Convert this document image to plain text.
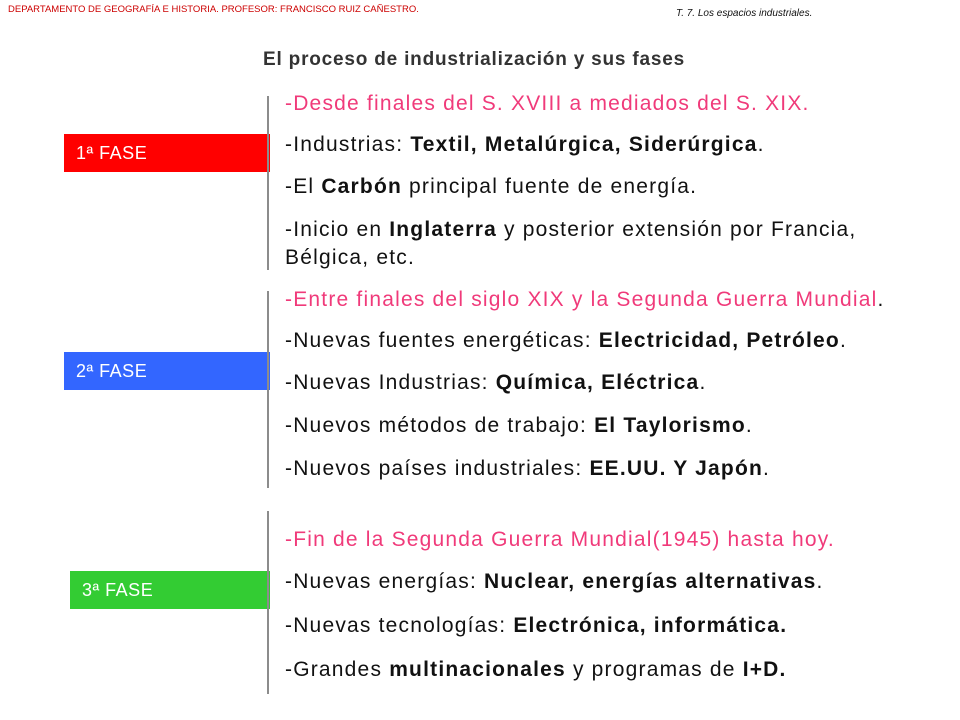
DEPARTAMENTO DE GEOGRAFÍA E HISTORIA. PROFESOR: FRANCISCO RUIZ CAÑESTRO.	T. 7. Los espacios industriales.
El proceso de industrialización y sus fases
1ª FASE
2ª FASE
3ª FASE
-Desde finales del S. XVIII a mediados del S. XIX.
-Industrias: Textil, Metalúrgica, Siderúrgica.
-El Carbón principal fuente de energía.
-Inicio en Inglaterra y posterior extensión por Francia,
Bélgica, etc.
-Entre finales del siglo XIX y la Segunda Guerra Mundial.
-Nuevas fuentes energéticas: Electricidad, Petróleo.
-Nuevas Industrias: Química, Eléctrica.
-Nuevos métodos de trabajo: El Taylorismo.
-Nuevos países industriales: EE.UU. Y Japón.
-Fin de la Segunda Guerra Mundial(1945) hasta hoy.
-Nuevas energías: Nuclear, energías alternativas.
-Nuevas tecnologías: Electrónica, informática.
-Grandes multinacionales y programas de I+D.
